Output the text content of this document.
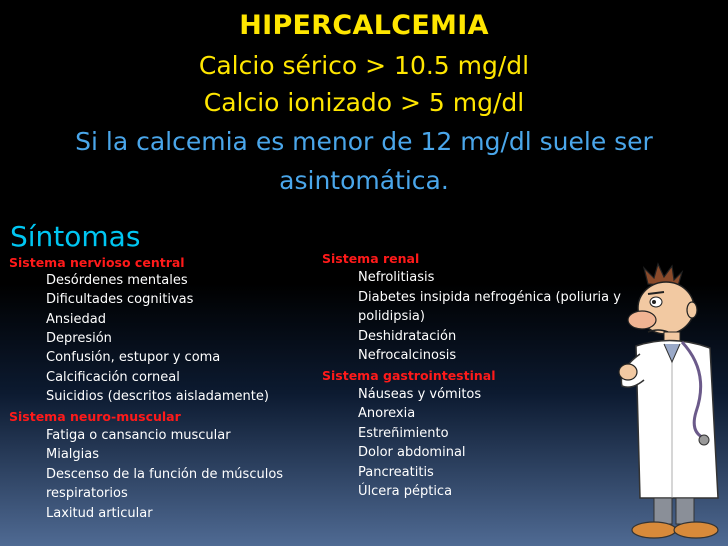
HIPERCALCEMIA
Calcio sérico > 10.5 mg/dl
Calcio ionizado > 5 mg/dl
Si la calcemia es menor de 12 mg/dl suele ser
asintomática.
Síntomas
Sistema nervioso central
Desórdenes mentales
Dificultades cognitivas
Ansiedad
Depresión
Confusión, estupor y coma
Calcificación corneal
Suicidios (descritos aisladamente)
Sistema neuro-muscular
Fatiga o cansancio muscular
Mialgias
Descenso de la función de músculos
respiratorios
Laxitud articular
Sistema renal
Nefrolitiasis
Diabetes insipida nefrogénica (poliuria y
polidipsia)
Deshidratación
Nefrocalcinosis
Sistema gastrointestinal
Náuseas y vómitos
Anorexia
Estreñimiento
Dolor abdominal
Pancreatitis
Úlcera péptica
